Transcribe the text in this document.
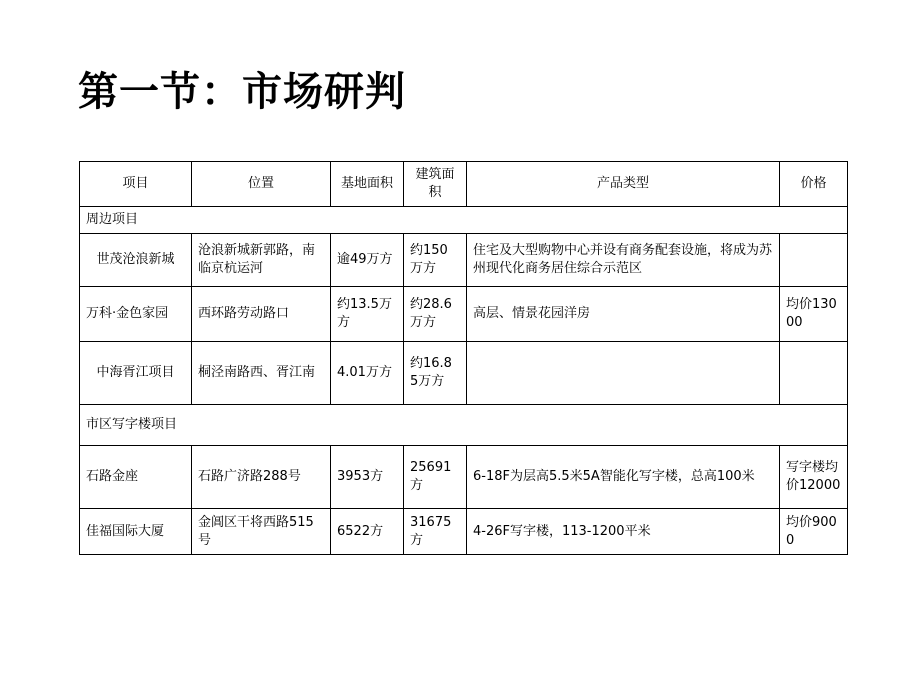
第一节：市场研判
项目	位置	基地面积	建筑面积	产品类型	价格
周边项目					
世茂沧浪新城	沧浪新城新郭路，南临京杭运河	逾49万方	约150万方	住宅及大型购物中心并设有商务配套设施，将成为苏州现代化商务居住综合示范区	
万科·金色家园	西环路劳动路口	约13.5万方	约28.6万方	高层、情景花园洋房	均价13000
中海胥江项目	桐泾南路西、胥江南	4.01万方	约16.85万方		
市区写字楼项目					
石路金座	石路广济路288号	3953方	25691方	6-18F为层高5.5米5A智能化写字楼，总高100米	写字楼均价12000
佳福国际大厦	金阊区干将西路515号	6522方	31675方	4-26F写字楼，113-1200平米	均价9000
